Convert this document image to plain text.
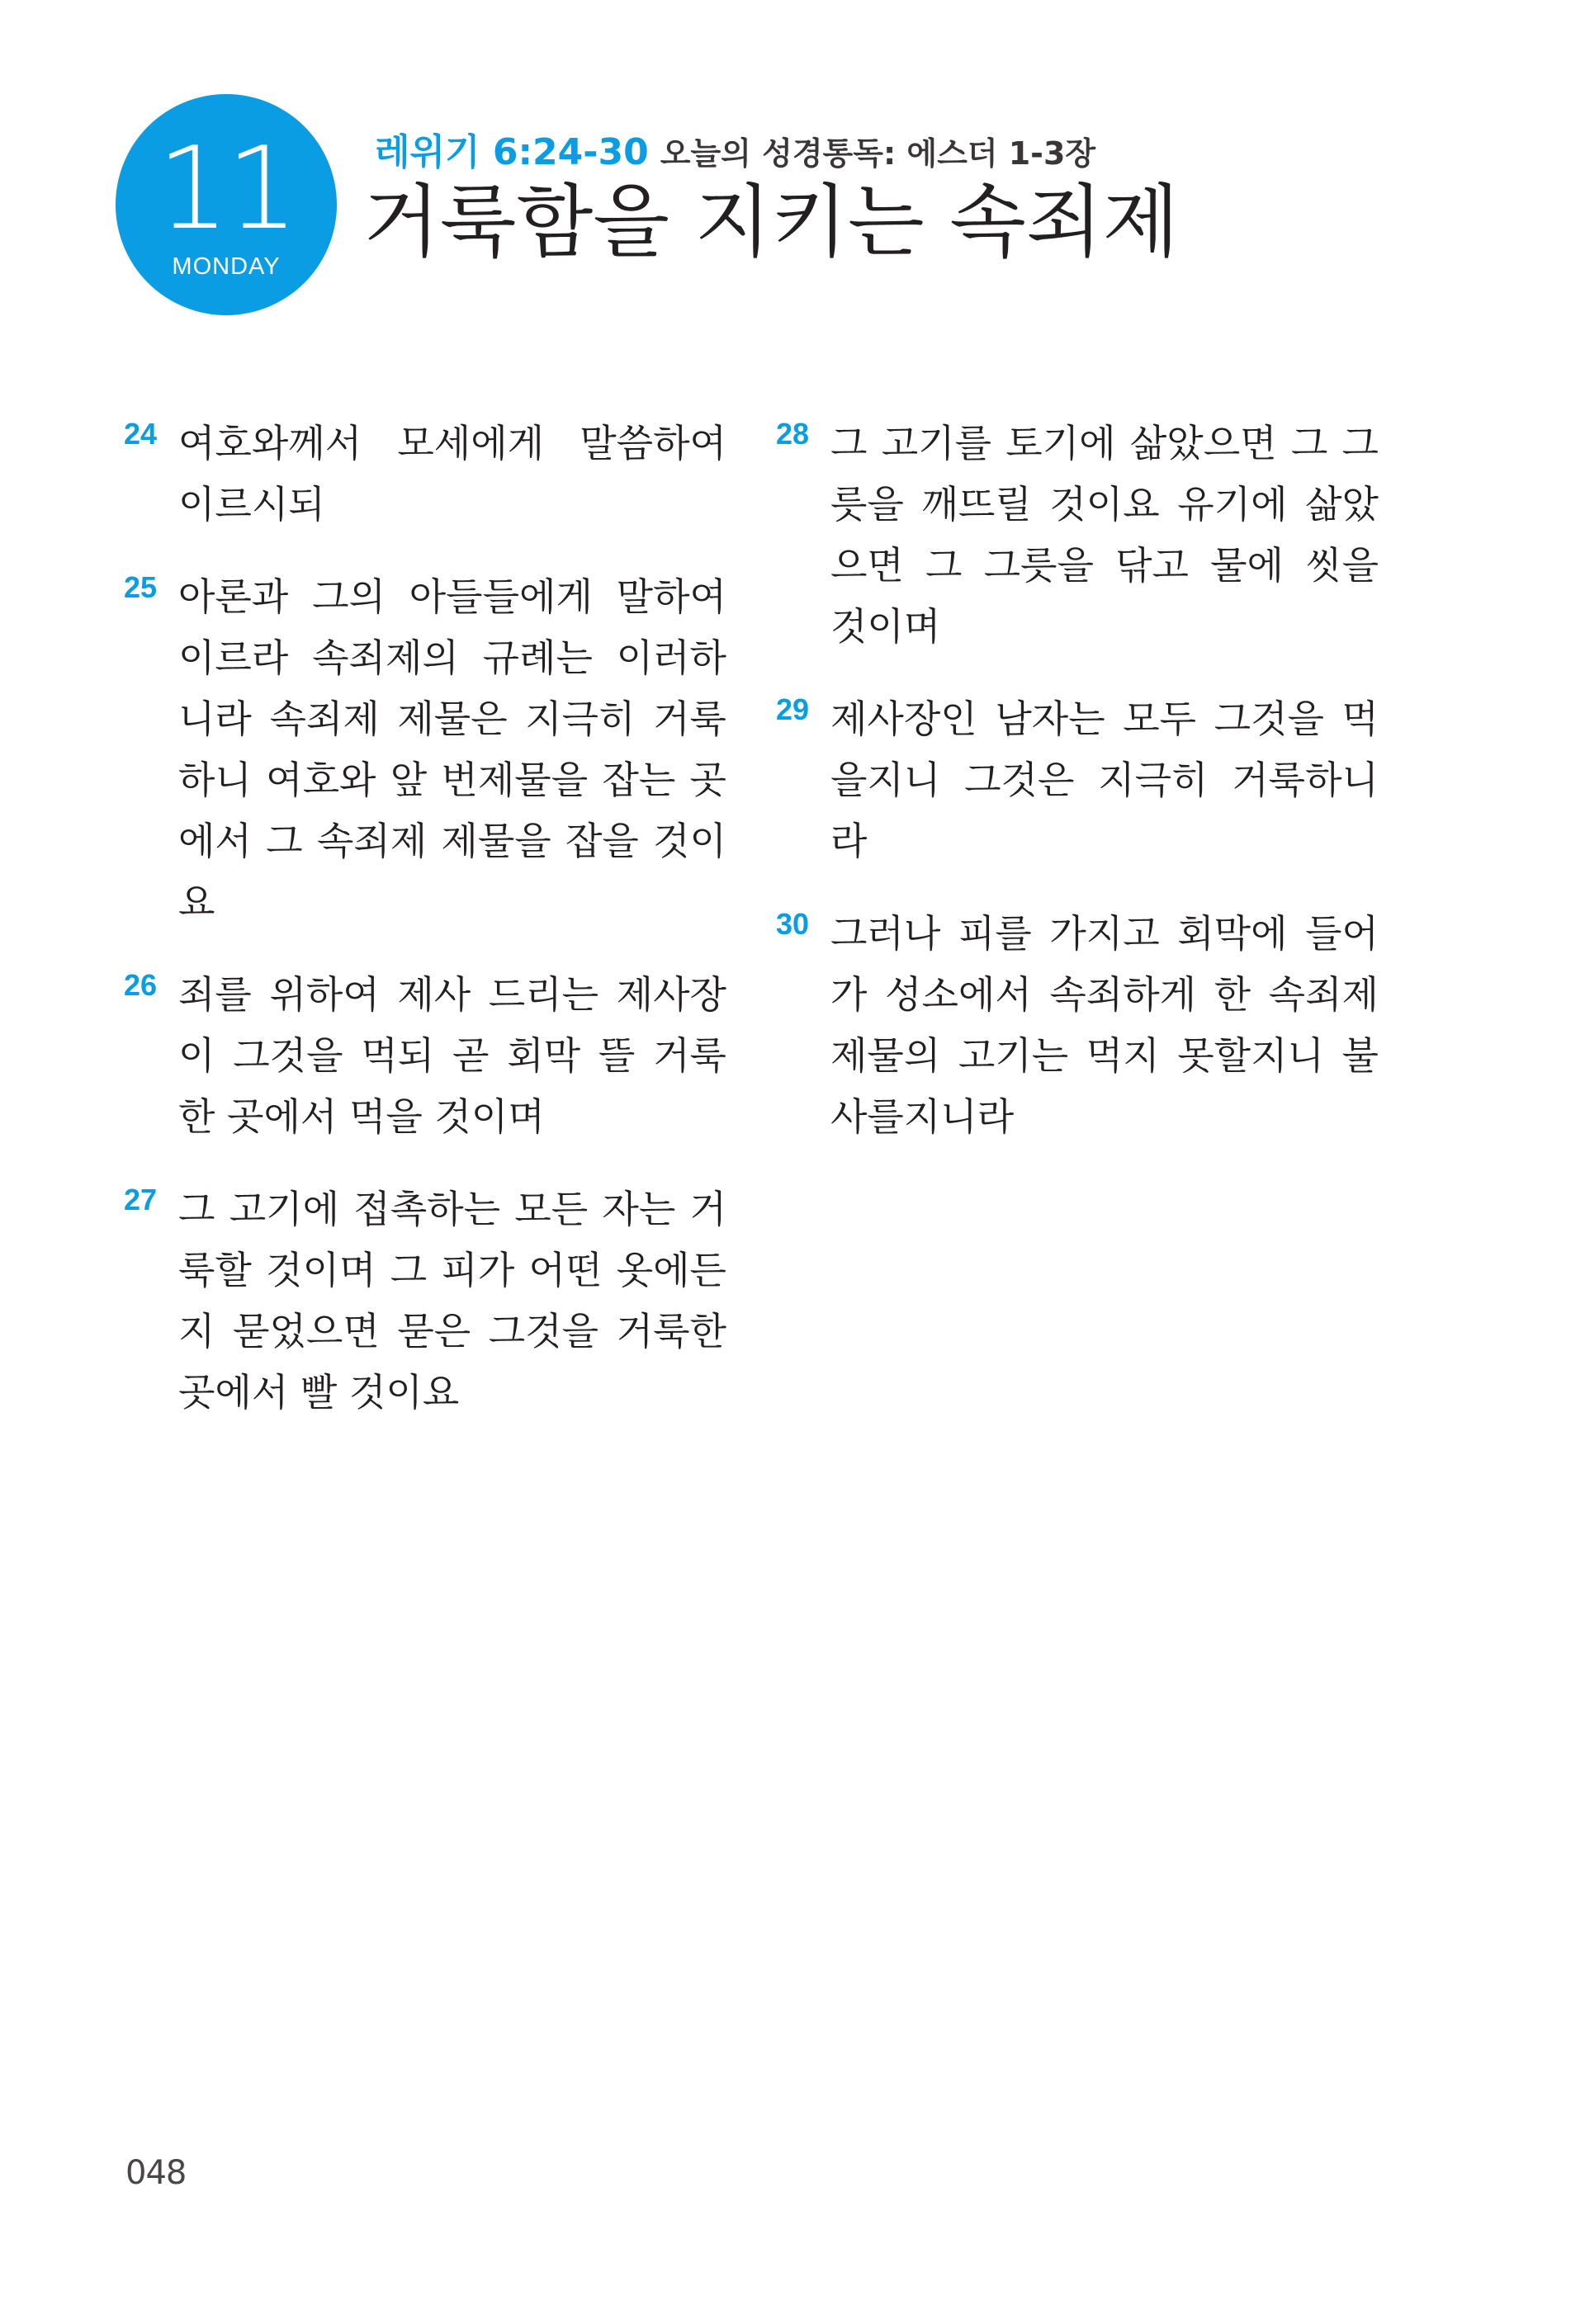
11
MONDAY
레위기 6:24-30 오늘의 성경통독: 에스더 1-3장
거룩함을 지키는 속죄제
24 여호와께서 모세에게 말씀하여 이르시되
25 아론과 그의 아들들에게 말하여 이르라 속죄제의 규례는 이러하니라 속죄제 제물은 지극히 거룩하니 여호와 앞 번제물을 잡는 곳에서 그 속죄제 제물을 잡을 것이요
26 죄를 위하여 제사 드리는 제사장이 그것을 먹되 곧 회막 뜰 거룩한 곳에서 먹을 것이며
27 그 고기에 접촉하는 모든 자는 거룩할 것이며 그 피가 어떤 옷에든지 묻었으면 묻은 그것을 거룩한 곳에서 빨 것이요
28 그 고기를 토기에 삶았으면 그 그릇을 깨뜨릴 것이요 유기에 삶았으면 그 그릇을 닦고 물에 씻을 것이며
29 제사장인 남자는 모두 그것을 먹을지니 그것은 지극히 거룩하니라
30 그러나 피를 가지고 회막에 들어가 성소에서 속죄하게 한 속죄제 제물의 고기는 먹지 못할지니 불사를지니라
048
